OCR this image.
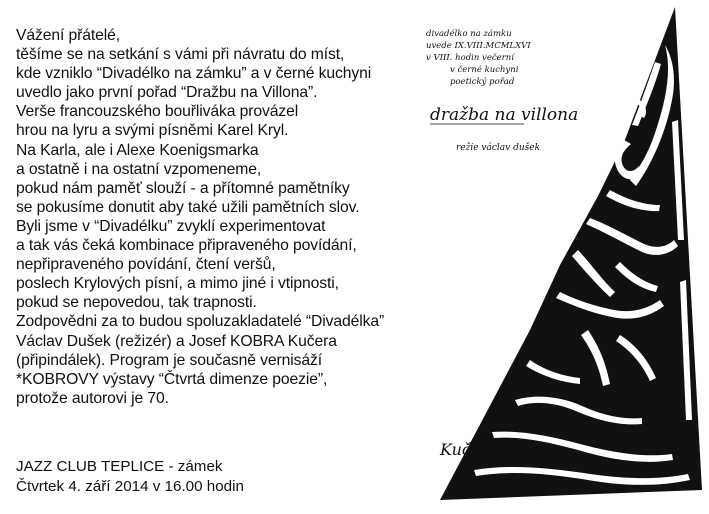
Vážení přátelé,
těšíme se na setkání s vámi při návratu do míst,
kde vzniklo “Divadélko na zámku” a v černé kuchyni
uvedlo jako první pořad “Dražbu na Villona”.
Verše francouzského bouřliváka provázel
hrou na lyru a svými písněmi Karel Kryl.
Na Karla, ale i Alexe Koenigsmarka
a ostatně i na ostatní vzpomeneme,
pokud nám paměť slouží - a přítomné pamětníky
se pokusíme donutit aby také užili pamětních slov.
Byli jsme v “Divadélku” zvyklí experimentovat
a tak vás čeká kombinace připraveného povídání,
nepřipraveného povídání, čtení veršů,
poslech Krylových písní, a mimo jiné i vtipnosti,
pokud se nepovedou, tak trapnosti.
Zodpovědni za to budou spoluzakladatelé “Divadélka”
Václav Dušek (režizér) a Josef KOBRA Kučera
(připindálek). Program je současně vernisáží
*KOBROVY výstavy “Čtvrtá dimenze poezie”,
protože autorovi je 70.
JAZZ CLUB TEPLICE - zámek
Čtvrtek 4. září 2014 v 16.00 hodin
divadélko na zámku
uvede IX.VIII.MCMLXVI
v VIII. hodin večerní
v černé kuchyni
poetický pořad
dražba na villona
režie václav dušek
Kučera
